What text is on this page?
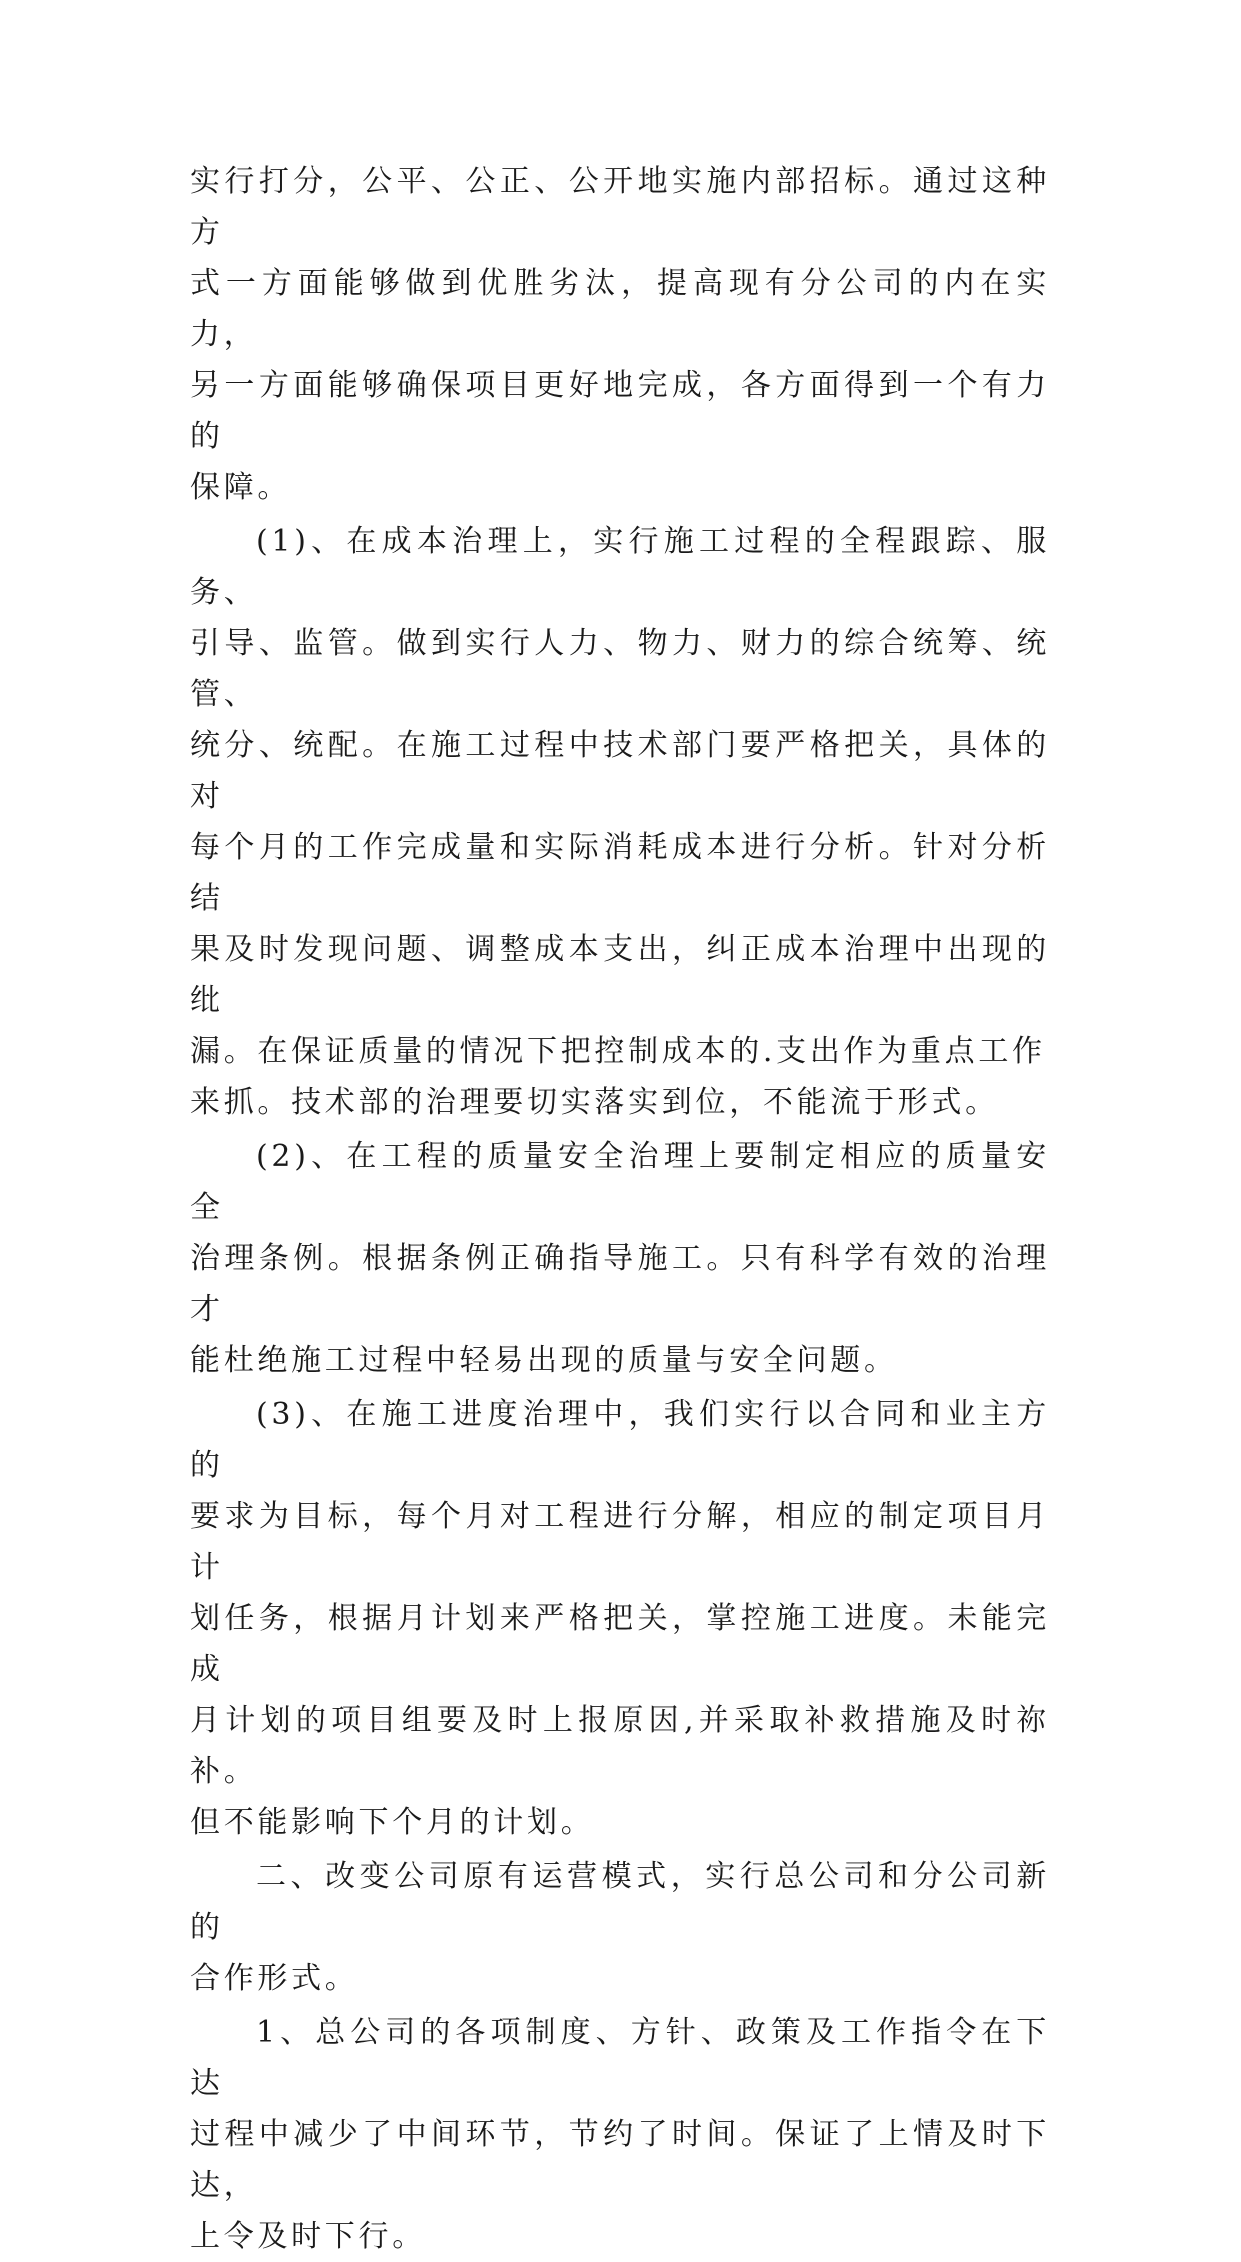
实行打分，公平、公正、公开地实施内部招标。通过这种方
式一方面能够做到优胜劣汰，提高现有分公司的内在实力，
另一方面能够确保项目更好地完成，各方面得到一个有力的
保障。

(1)、在成本治理上，实行施工过程的全程跟踪、服务、
引导、监管。做到实行人力、物力、财力的综合统筹、统管、
统分、统配。在施工过程中技术部门要严格把关，具体的对
每个月的工作完成量和实际消耗成本进行分析。针对分析结
果及时发现问题、调整成本支出，纠正成本治理中出现的纰
漏。在保证质量的情况下把控制成本的.支出作为重点工作
来抓。技术部的治理要切实落实到位，不能流于形式。

(2)、在工程的质量安全治理上要制定相应的质量安全
治理条例。根据条例正确指导施工。只有科学有效的治理才
能杜绝施工过程中轻易出现的质量与安全问题。

(3)、在施工进度治理中，我们实行以合同和业主方的
要求为目标，每个月对工程进行分解，相应的制定项目月计
划任务，根据月计划来严格把关，掌控施工进度。未能完成
月计划的项目组要及时上报原因,并采取补救措施及时祢补。
但不能影响下个月的计划。

二、改变公司原有运营模式，实行总公司和分公司新的
合作形式。

1、总公司的各项制度、方针、政策及工作指令在下达
过程中减少了中间环节，节约了时间。保证了上情及时下达，
上令及时下行。
